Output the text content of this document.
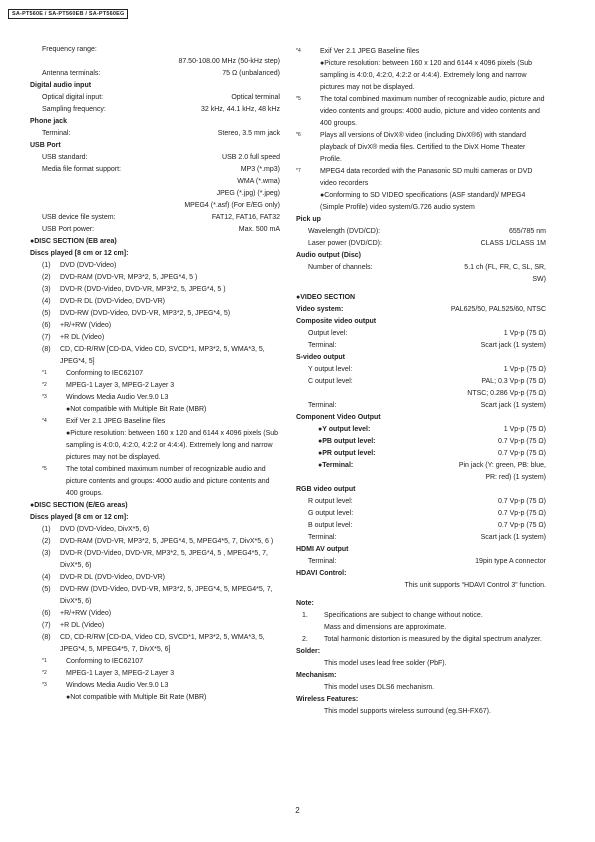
SA-PT560E / SA-PT560EB / SA-PT560EG
Frequency range:
87.50-108.00 MHz (50-kHz step)
Antenna terminals:	75 Ω (unbalanced)
Digital audio input
Optical digital input:	Optical terminal
Sampling frequency:	32 kHz, 44.1 kHz, 48 kHz
Phone jack
Terminal:	Stereo, 3.5 mm jack
USB Port
USB standard:	USB 2.0 full speed
Media file format support:	MP3 (*.mp3)
WMA (*.wma)
JPEG (*.jpg) (*.jpeg)
MPEG4 (*.asf) (For E/EG only)
USB device file system:	FAT12, FAT16, FAT32
USB Port power:	Max. 500 mA
●DISC SECTION (EB area)
Discs played [8 cm or 12 cm]:
(1)	DVD (DVD-Video)
(2)	DVD-RAM (DVD-VR, MP3*2, 5, JPEG*4, 5 )
(3)	DVD-R (DVD-Video, DVD-VR, MP3*2, 5, JPEG*4, 5 )
(4)	DVD-R DL (DVD-Video, DVD-VR)
(5)	DVD-RW (DVD-Video, DVD-VR, MP3*2, 5, JPEG*4, 5)
(6)	+R/+RW (Video)
(7)	+R DL (Video)
(8)	CD, CD-R/RW [CD-DA, Video CD, SVCD*1, MP3*2, 5, WMA*3, 5, JPEG*4, 5]
*1	Conforming to IEC62107
*2	MPEG-1 Layer 3, MPEG-2 Layer 3
*3	Windows Media Audio Ver.9.0 L3
●Not compatible with Multiple Bit Rate (MBR)
*4	Exif Ver 2.1 JPEG Baseline files
●Picture resolution: between 160 x 120 and 6144 x 4096 pixels (Sub sampling is 4:0:0, 4:2:0, 4:2:2 or 4:4:4). Extremely long and narrow pictures may not be displayed.
*5	The total combined maximum number of recognizable audio and picture contents and groups: 4000 audio and picture contents and 400 groups.
●DISC SECTION (E/EG areas)
Discs played [8 cm or 12 cm]:
(1)	DVD (DVD-Video, DivX*5, 6)
(2)	DVD-RAM (DVD-VR, MP3*2, 5, JPEG*4, 5, MPEG4*5, 7, DivX*5, 6 )
(3)	DVD-R (DVD-Video, DVD-VR, MP3*2, 5, JPEG*4, 5 , MPEG4*5, 7, DivX*5, 6)
(4)	DVD-R DL (DVD-Video, DVD-VR)
(5)	DVD-RW (DVD-Video, DVD-VR, MP3*2, 5, JPEG*4, 5, MPEG4*5, 7, DivX*5, 6)
(6)	+R/+RW (Video)
(7)	+R DL (Video)
(8)	CD, CD-R/RW [CD-DA, Video CD, SVCD*1, MP3*2, 5, WMA*3, 5, JPEG*4, 5, MPEG4*5, 7, DivX*5, 6]
*1	Conforming to IEC62107
*2	MPEG-1 Layer 3, MPEG-2 Layer 3
*3	Windows Media Audio Ver.9.0 L3
●Not compatible with Multiple Bit Rate (MBR)
*4	Exif Ver 2.1 JPEG Baseline files
●Picture resolution: between 160 x 120 and 6144 x 4096 pixels (Sub sampling is 4:0:0, 4:2:0, 4:2:2 or 4:4:4). Extremely long and narrow pictures may not be displayed.
*5	The total combined maximum number of recognizable audio, picture and video contents and groups: 4000 audio, picture and video contents and 400 groups.
*6	Plays all versions of DivX® video (including DivX®6) with standard playback of DivX® media files. Certified to the DivX Home Theater Profile.
*7	MPEG4 data recorded with the Panasonic SD multi cameras or DVD video recorders
●Conforming to SD VIDEO specifications (ASF standard)/ MPEG4 (Simple Profile) video system/G.726 audio system
Pick up
Wavelength (DVD/CD):	655/785 nm
Laser power (DVD/CD):	CLASS 1/CLASS 1M
Audio output (Disc)
Number of channels:	5.1 ch (FL, FR, C, SL, SR,
SW)
●VIDEO SECTION
Video system:	PAL625/50, PAL525/60, NTSC
Composite video output
Output level:	1 Vp-p (75 Ω)
Terminal:	Scart jack (1 system)
S-video output
Y output level:	1 Vp-p (75 Ω)
C output level:	PAL; 0.3 Vp-p (75 Ω)
NTSC; 0.286 Vp-p (75 Ω)
Terminal:	Scart jack (1 system)
Component Video Output
●Y output level:	1 Vp-p (75 Ω)
●PB output level:	0.7 Vp-p (75 Ω)
●PR output level:	0.7 Vp-p (75 Ω)
●Terminal:	Pin jack (Y: green, PB: blue,
PR: red) (1 system)
RGB video output
R output level:	0.7 Vp-p (75 Ω)
G output level:	0.7 Vp-p (75 Ω)
B output level:	0.7 Vp-p (75 Ω)
Terminal:	Scart jack (1 system)
HDMI AV output
Terminal:	19pin type A connector
HDAVI Control:
This unit supports “HDAVI Control 3” function.
Note:
1.	Specifications are subject to change without notice.
Mass and dimensions are approximate.
2.	Total harmonic distortion is measured by the digital spectrum analyzer.
Solder:
This model uses lead free solder (PbF).
Mechanism:
This model uses DLS6 mechanism.
Wireless Features:
This model supports wireless surround (eg.SH-FX67).
2
